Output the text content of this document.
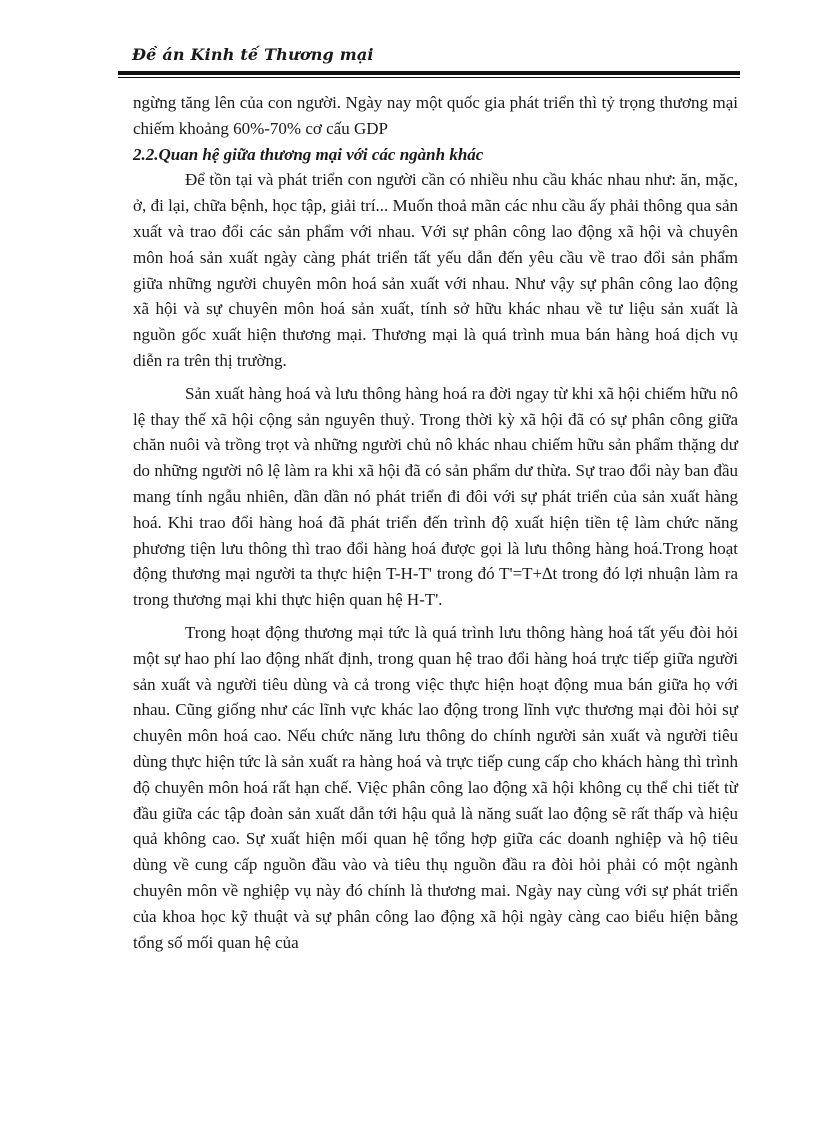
Đề án Kinh tế Thương mại

ngừng tăng lên của con người. Ngày nay một quốc gia phát triển thì tỷ trọng thương mại chiếm khoảng 60%-70% cơ cấu GDP

2.2.Quan hệ giữa thương mại với các ngành khác

Để tồn tại và phát triển con người cần có nhiều nhu cầu khác nhau như: ăn, mặc, ở, đi lại, chữa bệnh, học tập, giải trí... Muốn thoả mãn các nhu cầu ấy phải thông qua sản xuất và trao đổi các sản phẩm với nhau. Với sự phân công lao động xã hội và chuyên môn hoá sản xuất ngày càng phát triển tất yếu dẫn đến yêu cầu về trao đổi sản phẩm giữa những người chuyên môn hoá sản xuất với nhau. Như vậy sự phân công lao động xã hội và sự chuyên môn hoá sản xuất, tính sở hữu khác nhau về tư liệu sản xuất là nguồn gốc xuất hiện thương mại. Thương mại là quá trình mua bán hàng hoá dịch vụ diễn ra trên thị trường.

Sản xuất hàng hoá và lưu thông hàng hoá ra đời ngay từ khi xã hội chiếm hữu nô lệ thay thế xã hội cộng sản nguyên thuỷ. Trong thời kỳ xã hội đã có sự phân công giữa chăn nuôi và trồng trọt và những người chủ nô khác nhau chiếm hữu sản phẩm thặng dư do những người nô lệ làm ra khi xã hội đã có sản phẩm dư thừa. Sự trao đổi này ban đầu mang tính ngẫu nhiên, dần dần nó phát triển đi đôi với sự phát triển của sản xuất hàng hoá. Khi trao đổi hàng hoá đã phát triển đến trình độ xuất hiện tiền tệ làm chức năng phương tiện lưu thông thì trao đổi hàng hoá được gọi là lưu thông hàng hoá.Trong hoạt động thương mại người ta thực hiện T-H-T' trong đó T'=T+∆t trong đó lợi nhuận làm ra trong thương mại khi thực hiện quan hệ H-T'.

Trong hoạt động thương mại tức là quá trình lưu thông hàng hoá tất yếu đòi hỏi một sự hao phí lao động nhất định, trong quan hệ trao đổi hàng hoá trực tiếp giữa người sản xuất và người tiêu dùng và cả trong việc thực hiện hoạt động mua bán giữa họ với nhau. Cũng giống như các lĩnh vực khác lao động trong lĩnh vực thương mại đòi hỏi sự chuyên môn hoá cao. Nếu chức năng lưu thông do chính người sản xuất và người tiêu dùng thực hiện tức là sản xuất ra hàng hoá và trực tiếp cung cấp cho khách hàng thì trình độ chuyên môn hoá rất hạn chế. Việc phân công lao động xã hội không cụ thể chi tiết từ đầu giữa các tập đoàn sản xuất dẫn tới hậu quả là năng suất lao động sẽ rất thấp và hiệu quả không cao. Sự xuất hiện mối quan hệ tổng hợp giữa các doanh nghiệp và hộ tiêu dùng về cung cấp nguồn đầu vào và tiêu thụ nguồn đầu ra đòi hỏi phải có một ngành chuyên môn về nghiệp vụ này đó chính là thương mai. Ngày nay cùng với sự phát triển của khoa học kỹ thuật và sự phân công lao động xã hội ngày càng cao biểu hiện bằng tổng số mối quan hệ của
